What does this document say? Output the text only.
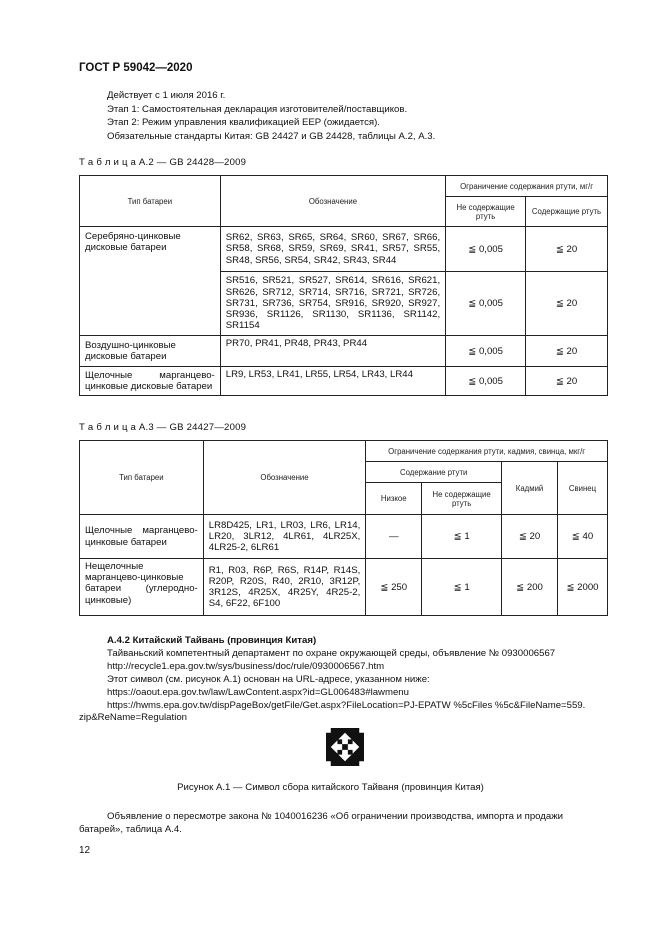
ГОСТ Р 59042—2020
Действует с 1 июля 2016 г.
Этап 1: Самостоятельная декларация изготовителей/поставщиков.
Этап 2: Режим управления квалификацией EEP (ожидается).
Обязательные стандарты Китая: GB 24427 и GB 24428, таблицы А.2, А.3.
Т а б л и ц а А.2 — GB 24428—2009
Тип батареи	Обозначение	Ограничение содержания ртути, мг/г	
		Не содержащие ртуть	Содержащие ртуть
Серебряно-цинковые дисковые батареи	SR62, SR63, SR65, SR64, SR60, SR67, SR66, SR58, SR68, SR59, SR69, SR41, SR57, SR55, SR48, SR56, SR54, SR42, SR43, SR44	≦ 0,005	≦ 20
	SR516, SR521, SR527, SR614, SR616, SR621, SR626, SR712, SR714, SR716, SR721, SR726, SR731, SR736, SR754, SR916, SR920, SR927, SR936, SR1126, SR1130, SR1136, SR1142, SR1154	≦ 0,005	≦ 20
Воздушно-цинковые дисковые батареи	PR70, PR41, PR48, PR43, PR44	≦ 0,005	≦ 20
Щелочные марганцево-цинковые дисковые батареи	LR9, LR53, LR41, LR55, LR54, LR43, LR44	≦ 0,005	≦ 20
Т а б л и ц а А.3 — GB 24427—2009
Тип батареи	Обозначение	Ограничение содержания ртути, кадмия, свинца, мкг/г			
		Содержание ртути		Кадмий	Свинец
		Низкое	Не содержащие ртуть		
Щелочные марганцево-цинковые батареи	LR8D425, LR1, LR03, LR6, LR14, LR20, 3LR12, 4LR61, 4LR25X, 4LR25-2, 6LR61	—	≦ 1	≦ 20	≦ 40
Нещелочные марганцево-цинковые батареи (углеродно-цинковые)	R1, R03, R6P, R6S, R14P, R14S, R20P, R20S, R40, 2R10, 3R12P, 3R12S, 4R25X, 4R25Y, 4R25-2, S4, 6F22, 6F100	≦ 250	≦ 1	≦ 200	≦ 2000
А.4.2 Китайский Тайвань (провинция Китая)
Тайваньский компетентный департамент по охране окружающей среды, объявление № 0930006567
http://recycle1.epa.gov.tw/sys/business/doc/rule/0930006567.htm
Этот символ (см. рисунок А.1) основан на URL-адресе, указанном ниже:
https://oaout.epa.gov.tw/law/LawContent.aspx?id=GL006483#lawmenu
https://hwms.epa.gov.tw/dispPageBox/getFile/Get.aspx?FileLocation=PJ-EPATW %5cFiles %5c&FileName=559.
zip&ReName=Regulation
Рисунок А.1 — Символ сбора китайского Тайваня (провинция Китая)
Объявление о пересмотре закона № 1040016236 «Об ограничении производства, импорта и продажи батарей», таблица А.4.
12
